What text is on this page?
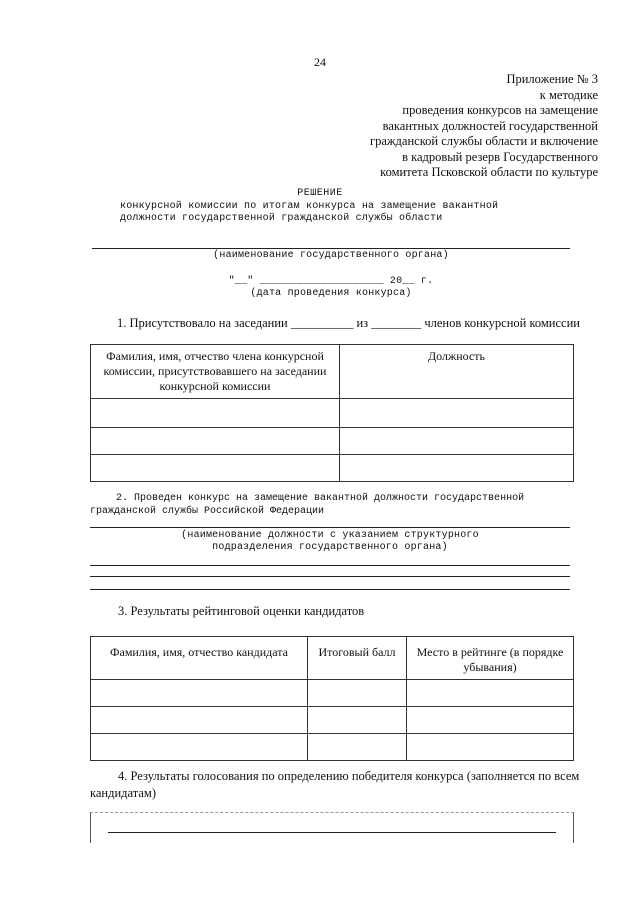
24
Приложение № 3
к методике
проведения конкурсов на замещение
вакантных должностей государственной
гражданской службы области и включение
в кадровый резерв Государственного
комитета Псковской области по культуре
РЕШЕНИЕ
конкурсной комиссии по итогам конкурса на замещение вакантной
должности государственной гражданской службы области
(наименование государственного органа)
"__" ____________________ 20__ г.
(дата проведения конкурса)
1. Присутствовало на заседании __________ из ________ членов конкурсной комиссии
Фамилия, имя, отчество члена конкурсной комиссии, присутствовавшего на заседании конкурсной комиссии	Должность

2. Проведен конкурс на замещение вакантной должности государственной
гражданской службы Российской Федерации
(наименование должности с указанием структурного
подразделения государственного органа)
3. Результаты рейтинговой оценки кандидатов
Фамилия, имя, отчество кандидата	Итоговый балл	Место в рейтинге (в порядке убывания)

4. Результаты голосования по определению победителя конкурса (заполняется по всем
кандидатам)
